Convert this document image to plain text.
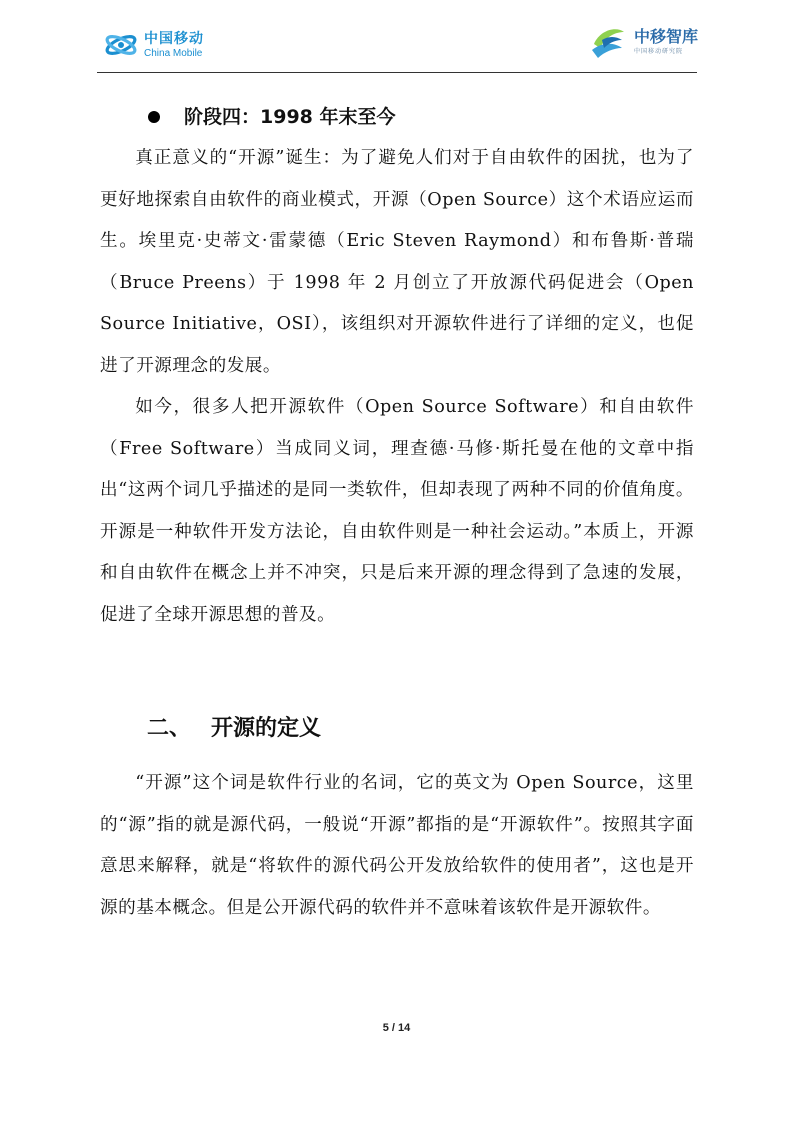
中国移动
China Mobile
中移智库
中国移动研究院
阶段四：1998 年末至今

真正意义的“开源”诞生：为了避免人们对于自由软件的困扰，也为了更好地探索自由软件的商业模式，开源（Open Source）这个术语应运而生。埃里克·史蒂文·雷蒙德（Eric Steven Raymond）和布鲁斯·普瑞（Bruce Preens）于 1998 年 2 月创立了开放源代码促进会（Open Source Initiative，OSI），该组织对开源软件进行了详细的定义，也促进了开源理念的发展。

如今，很多人把开源软件（Open Source Software）和自由软件（Free Software）当成同义词，理查德·马修·斯托曼在他的文章中指出“这两个词几乎描述的是同一类软件，但却表现了两种不同的价值角度。开源是一种软件开发方法论，自由软件则是一种社会运动。”本质上，开源和自由软件在概念上并不冲突，只是后来开源的理念得到了急速的发展，促进了全球开源思想的普及。

二、 开源的定义

“开源”这个词是软件行业的名词，它的英文为 Open Source，这里的“源”指的就是源代码，一般说“开源”都指的是“开源软件”。按照其字面意思来解释，就是“将软件的源代码公开发放给软件的使用者”，这也是开源的基本概念。但是公开源代码的软件并不意味着该软件是开源软件。

5 / 14
